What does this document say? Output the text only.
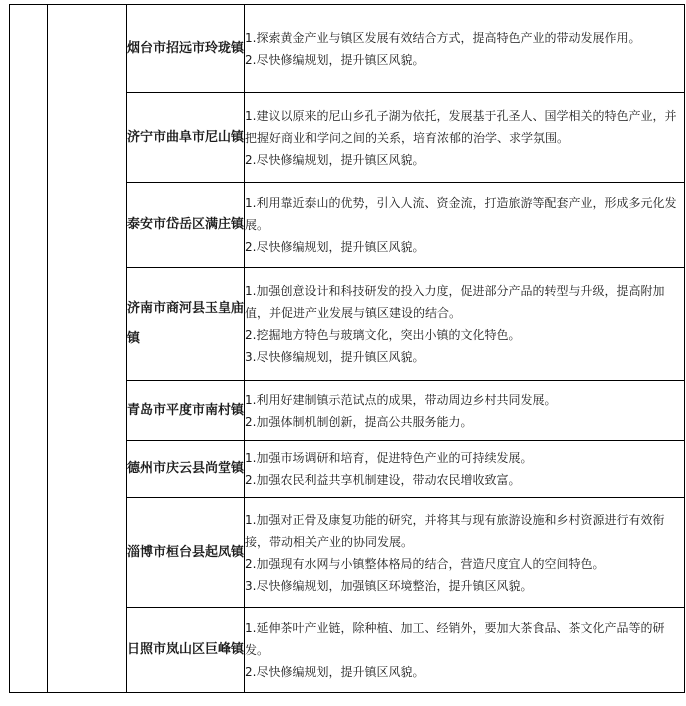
		烟台市招远市玲珑镇	1.探索黄金产业与镇区发展有效结合方式，提高特色产业的带动发展作用。
2.尽快修编规划，提升镇区风貌。

		济宁市曲阜市尼山镇	1.建议以原来的尼山乡孔子湖为依托，发展基于孔圣人、国学相关的特色产业，并把握好商业和学问之间的关系，培育浓郁的治学、求学氛围。
2.尽快修编规划，提升镇区风貌。

		泰安市岱岳区满庄镇	1.利用靠近泰山的优势，引入人流、资金流，打造旅游等配套产业，形成多元化发展。
2.尽快修编规划，提升镇区风貌。

		济南市商河县玉皇庙镇	1.加强创意设计和科技研发的投入力度，促进部分产品的转型与升级，提高附加值，并促进产业发展与镇区建设的结合。
2.挖掘地方特色与玻璃文化，突出小镇的文化特色。
3.尽快修编规划，提升镇区风貌。

		青岛市平度市南村镇	1.利用好建制镇示范试点的成果，带动周边乡村共同发展。
2.加强体制机制创新，提高公共服务能力。

		德州市庆云县尚堂镇	1.加强市场调研和培育，促进特色产业的可持续发展。
2.加强农民利益共享机制建设，带动农民增收致富。

		淄博市桓台县起凤镇	1.加强对正骨及康复功能的研究，并将其与现有旅游设施和乡村资源进行有效衔接，带动相关产业的协同发展。
2.加强现有水网与小镇整体格局的结合，营造尺度宜人的空间特色。
3.尽快修编规划，加强镇区环境整治，提升镇区风貌。

		日照市岚山区巨峰镇	1.延伸茶叶产业链，除种植、加工、经销外，要加大茶食品、茶文化产品等的研发。
2.尽快修编规划，提升镇区风貌。
